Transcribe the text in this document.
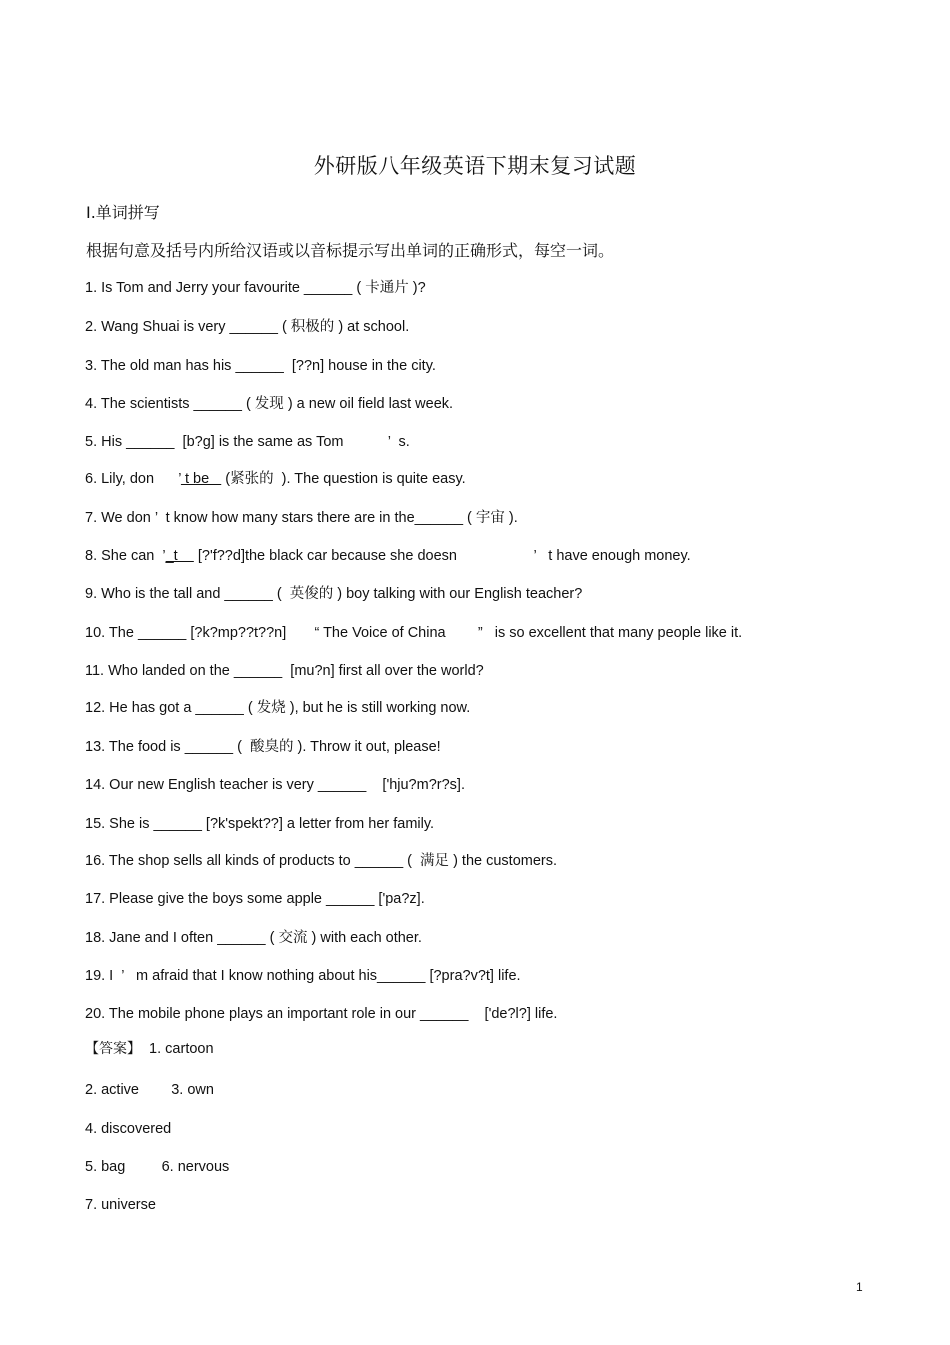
外研版八年级英语下期末复习试题
Ⅰ.单词拼写
根据句意及括号内所给汉语或以音标提示写出单词的正确形式，每空一词。
1. Is Tom and Jerry your favourite ______ ( 卡通片 )?
2. Wang Shuai is very ______ ( 积极的 ) at school.
3. The old man has his ______  [??n] house in the city.
4. The scientists ______ ( 发现 ) a new oil field last week.
5. His ______  [b?g] is the same as Tom           ’  s.
6. Lily, don      ’ t be    (紧张的  ). The question is quite easy.
7. We don ’  t know how many stars there are in the______ ( 宇宙 ).
8. She can  ’_t     [?'f??d]the black car because she doesn                   ’   t have enough money.
9. Who is the tall and ______ (  英俊的 ) boy talking with our English teacher?
10. The ______ [?k?mp??t??n]       “ The Voice of China        ”   is so excellent that many people like it.
11. Who landed on the ______  [mu?n] first all over the world?
12. He has got a ______ ( 发烧 ), but he is still working now.
13. The food is ______ (  酸臭的 ). Throw it out, please!
14. Our new English teacher is very ______    ['hju?m?r?s].
15. She is ______ [?k'spekt??] a letter from her family.
16. The shop sells all kinds of products to ______ (  满足 ) the customers.
17. Please give the boys some apple ______ ['pa?z].
18. Jane and I often ______ ( 交流 ) with each other.
19. I  ’   m afraid that I know nothing about his______ [?pra?v?t] life.
20. The mobile phone plays an important role in our ______    ['de?l?] life.
【答案】  1. cartoon
2. active        3. own
4. discovered
5. bag         6. nervous
7. universe
1
